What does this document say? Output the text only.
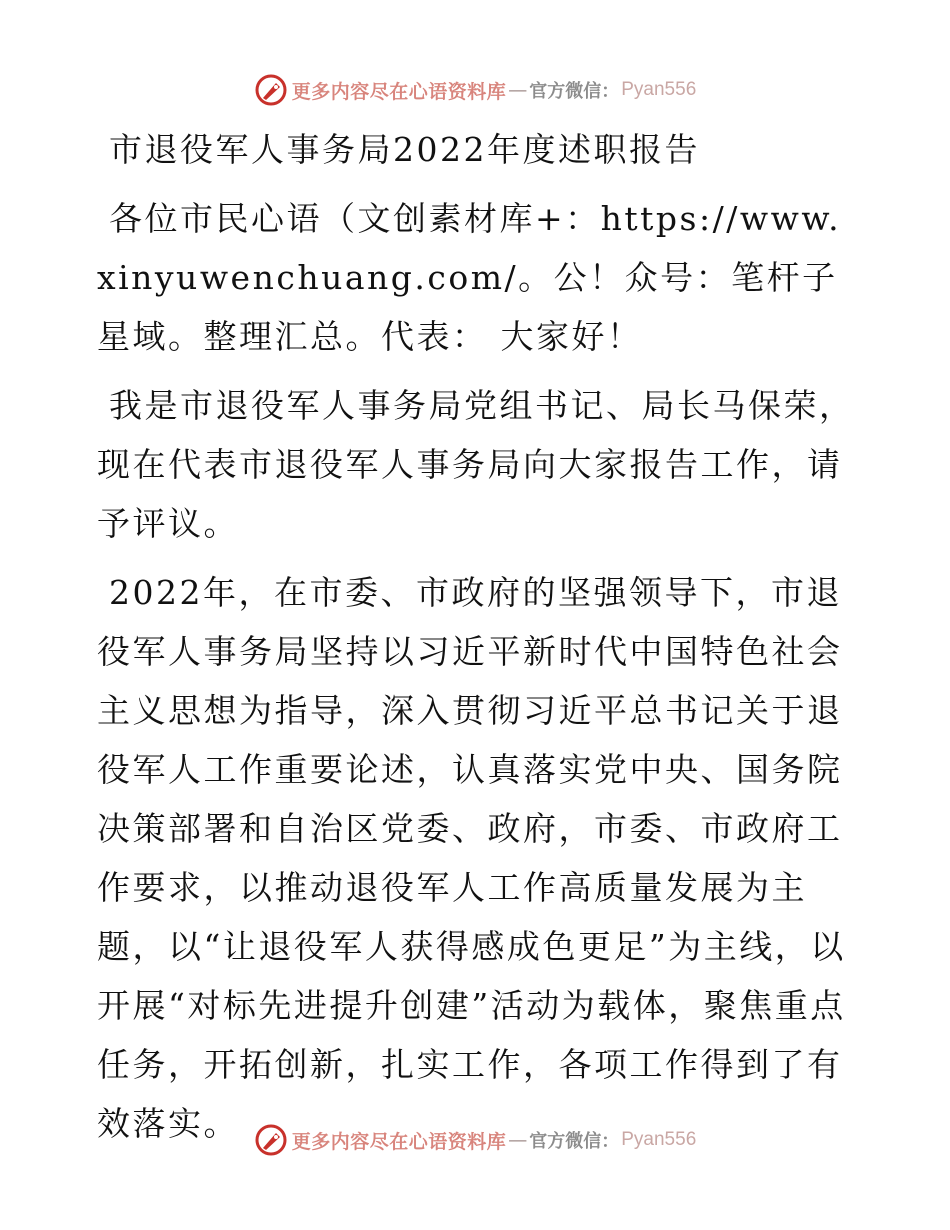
更多内容尽在心语资料库 — 官方微信： Pyan556

市退役军人事务局2022年度述职报告

各位市民心语（文创素材库+：https://www.xinyuwenchuang.com/。公！众号：笔杆子星域。整理汇总。代表： 大家好！

我是市退役军人事务局党组书记、局长马保荣，现在代表市退役军人事务局向大家报告工作，请予评议。

2022年，在市委、市政府的坚强领导下，市退役军人事务局坚持以习近平新时代中国特色社会主义思想为指导，深入贯彻习近平总书记关于退役军人工作重要论述，认真落实党中央、国务院决策部署和自治区党委、政府，市委、市政府工作要求，以推动退役军人工作高质量发展为主题，以“让退役军人获得感成色更足”为主线，以开展“对标先进提升创建”活动为载体，聚焦重点任务，开拓创新，扎实工作，各项工作得到了有效落实。	更多内容尽在心语资料库 — 官方微信： Pyan556
